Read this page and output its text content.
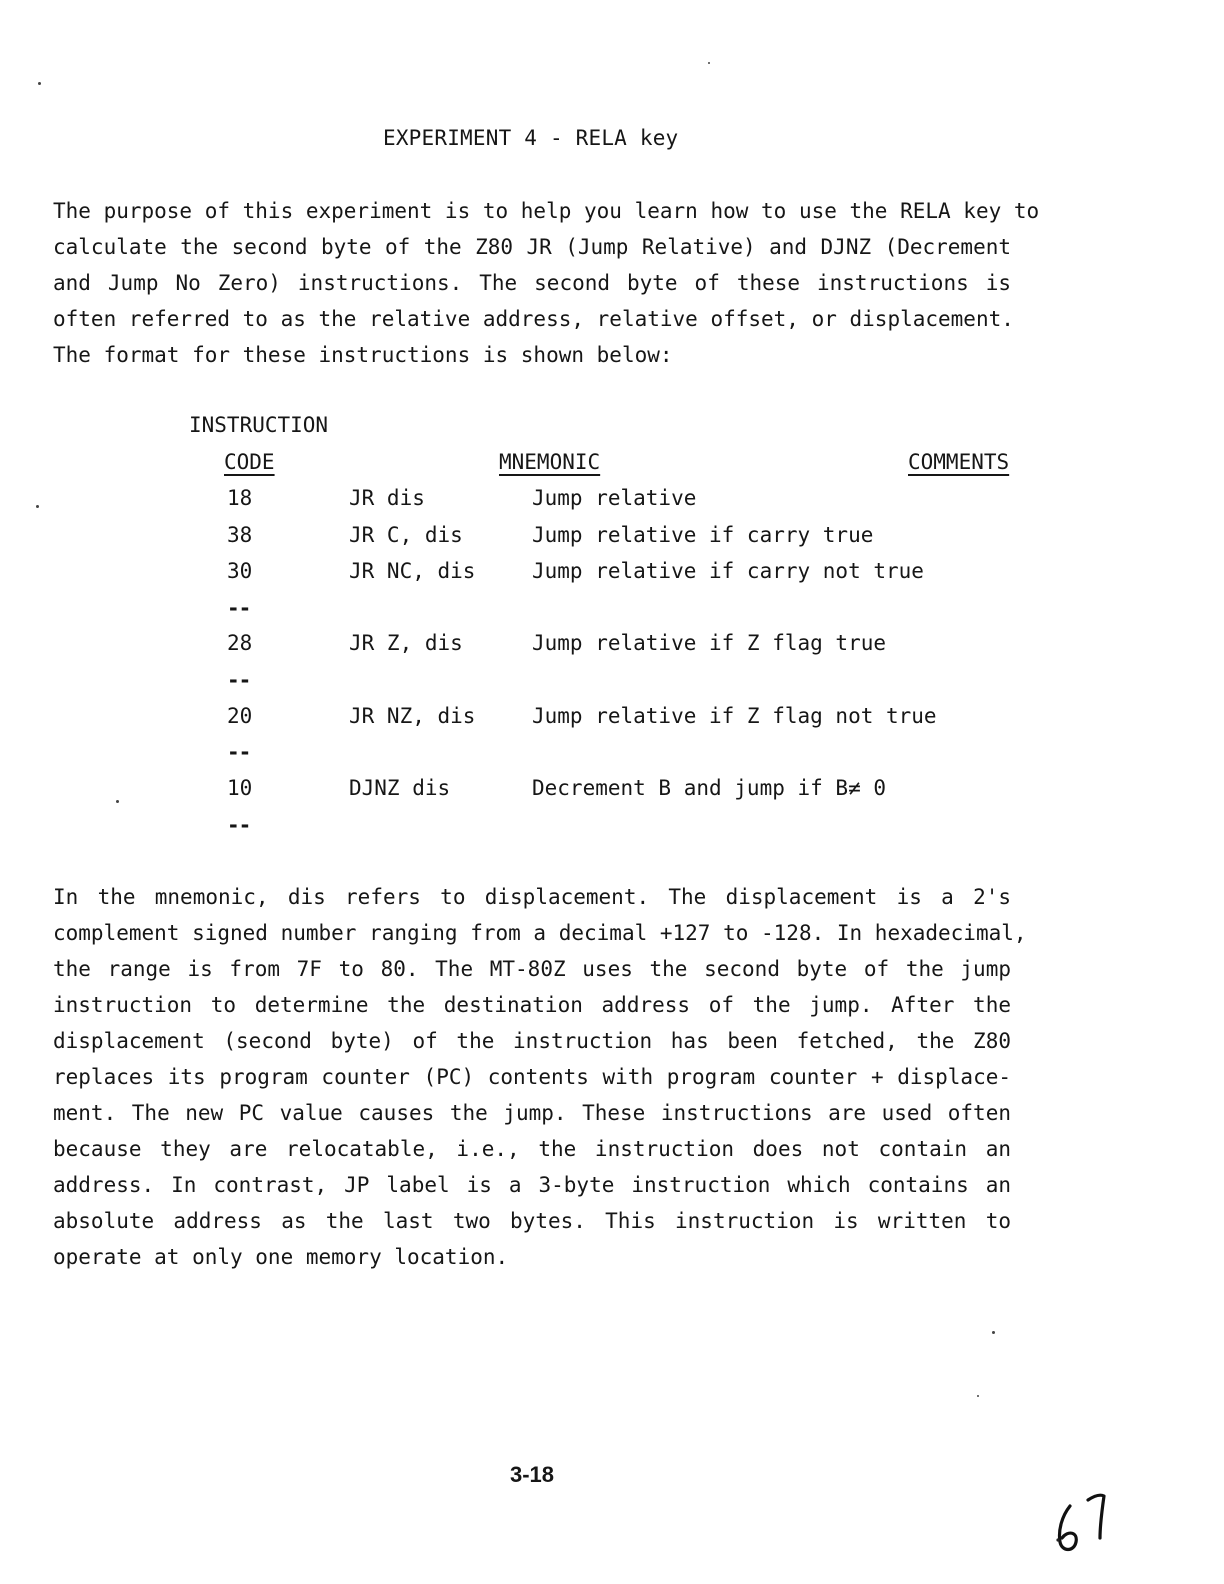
EXPERIMENT 4 - RELA key
The purpose of this experiment is to help you learn how to use the RELA key to
calculate the second byte of the Z80 JR (Jump Relative) and DJNZ (Decrement
and Jump No Zero) instructions. The second byte of these instructions is
often referred to as the relative address, relative offset, or displacement.
The format for these instructions is shown below:
INSTRUCTION
CODE	MNEMONIC	COMMENTS
18	JR dis	Jump relative
38	JR C, dis	Jump relative if carry true
30	JR NC, dis	Jump relative if carry not true
--
28	JR Z, dis	Jump relative if Z flag true
--
20	JR NZ, dis	Jump relative if Z flag not true
--
10	DJNZ dis	Decrement B and jump if B≠ 0
--
In the mnemonic, dis refers to displacement. The displacement is a 2's
complement signed number ranging from a decimal +127 to -128. In hexadecimal,
the range is from 7F to 80. The MT-80Z uses the second byte of the jump
instruction to determine the destination address of the jump. After the
displacement (second byte) of the instruction has been fetched, the Z80
replaces its program counter (PC) contents with program counter + displace-
ment. The new PC value causes the jump. These instructions are used often
because they are relocatable, i.e., the instruction does not contain an
address. In contrast, JP label is a 3-byte instruction which contains an
absolute address as the last two bytes. This instruction is written to
operate at only one memory location.
3-18
